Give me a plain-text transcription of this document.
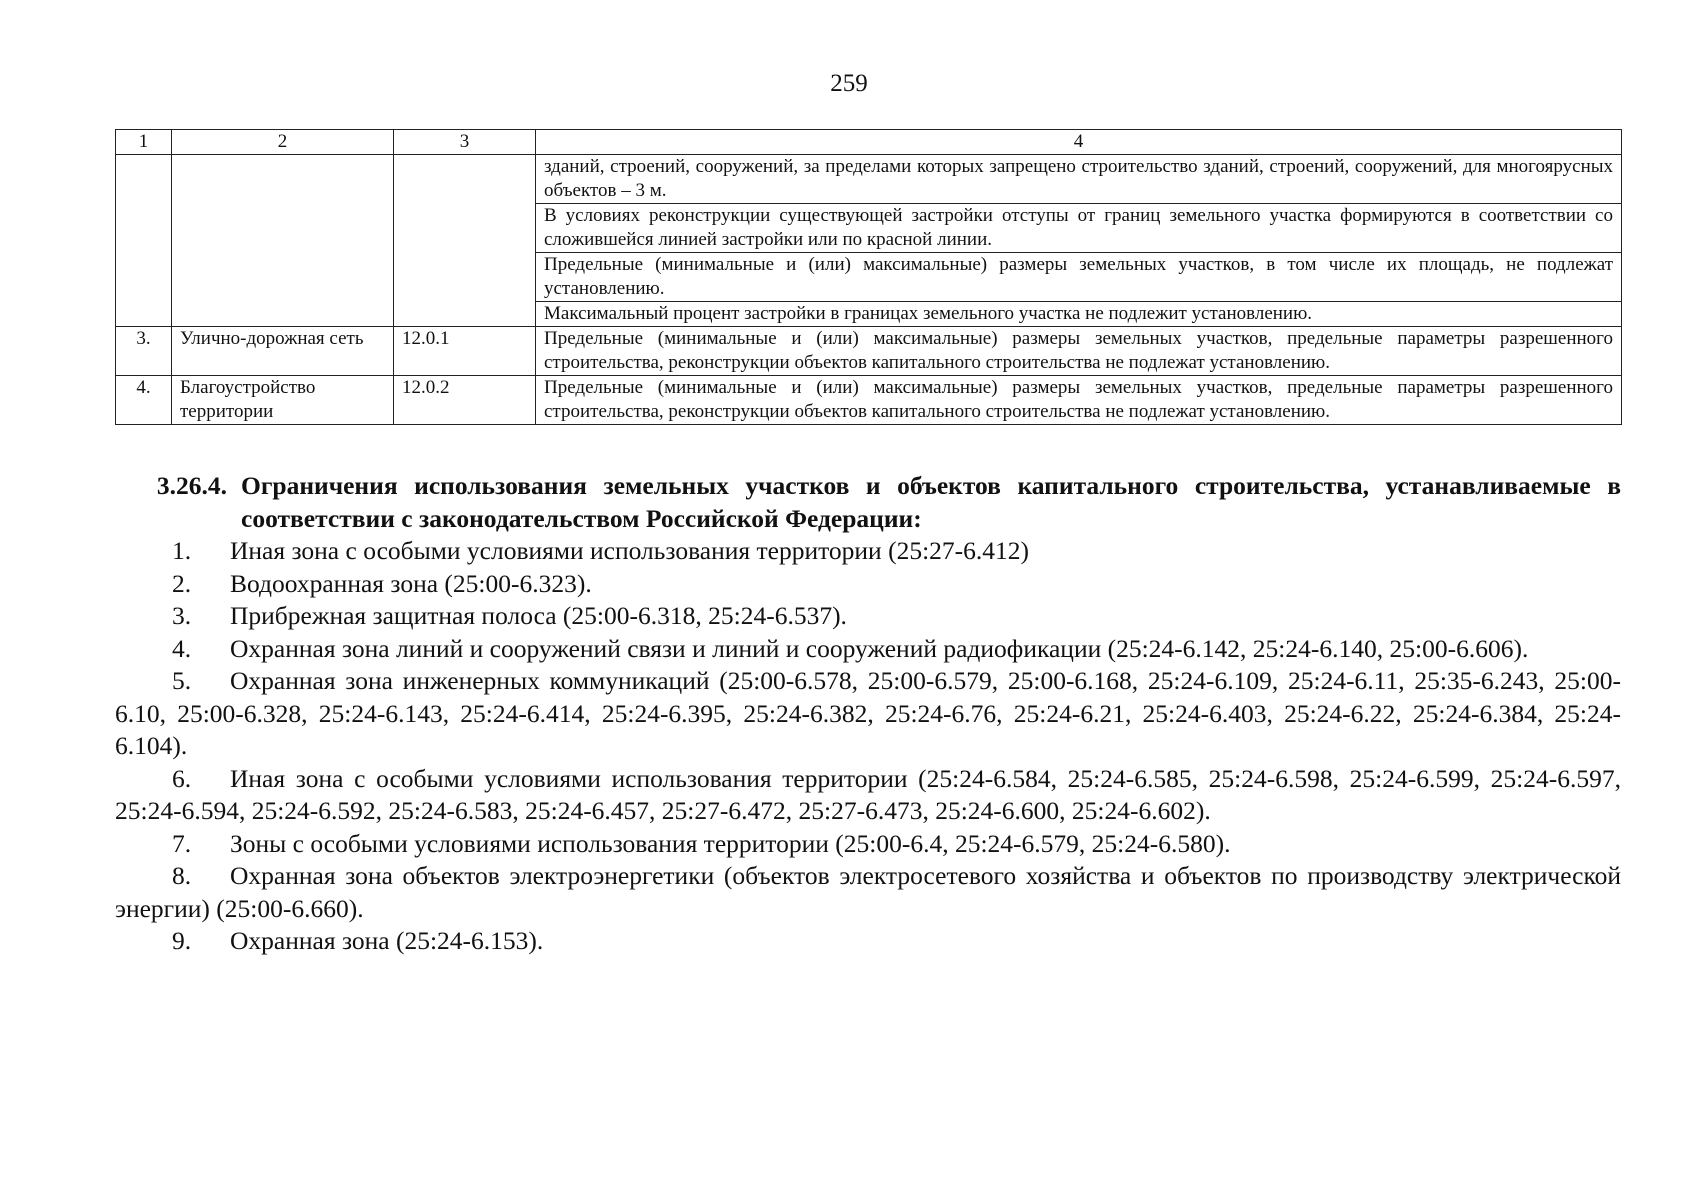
259
1	2	3	4
			зданий, строений, сооружений, за пределами которых запрещено строительство зданий, строений, сооружений, для многоярусных объектов – 3 м.
			В условиях реконструкции существующей застройки отступы от границ земельного участка формируются в соответствии со сложившейся линией застройки или по красной линии.
			Предельные (минимальные и (или) максимальные) размеры земельных участков, в том числе их площадь, не подлежат установлению.
			Максимальный процент застройки в границах земельного участка не подлежит установлению.
3.	Улично-дорожная сеть	12.0.1	Предельные (минимальные и (или) максимальные) размеры земельных участков, предельные параметры разрешенного строительства, реконструкции объектов капитального строительства не подлежат установлению.
4.	Благоустройство территории	12.0.2	Предельные (минимальные и (или) максимальные) размеры земельных участков, предельные параметры разрешенного строительства, реконструкции объектов капитального строительства не подлежат установлению.
3.26.4. Ограничения использования земельных участков и объектов капитального строительства, устанавливаемые в соответствии с законодательством Российской Федерации:
1. Иная зона с особыми условиями использования территории (25:27-6.412)
2. Водоохранная зона (25:00-6.323).
3. Прибрежная защитная полоса (25:00-6.318, 25:24-6.537).
4. Охранная зона линий и сооружений связи и линий и сооружений радиофикации (25:24-6.142, 25:24-6.140, 25:00-6.606).
5. Охранная зона инженерных коммуникаций (25:00-6.578, 25:00-6.579, 25:00-6.168, 25:24-6.109, 25:24-6.11, 25:35-6.243, 25:00-6.10, 25:00-6.328, 25:24-6.143, 25:24-6.414, 25:24-6.395, 25:24-6.382, 25:24-6.76, 25:24-6.21, 25:24-6.403, 25:24-6.22, 25:24-6.384, 25:24-6.104).
6. Иная зона с особыми условиями использования территории (25:24-6.584, 25:24-6.585, 25:24-6.598, 25:24-6.599, 25:24-6.597, 25:24-6.594, 25:24-6.592, 25:24-6.583, 25:24-6.457, 25:27-6.472, 25:27-6.473, 25:24-6.600, 25:24-6.602).
7. Зоны с особыми условиями использования территории (25:00-6.4, 25:24-6.579, 25:24-6.580).
8. Охранная зона объектов электроэнергетики (объектов электросетевого хозяйства и объектов по производству электрической энергии) (25:00-6.660).
9. Охранная зона (25:24-6.153).
